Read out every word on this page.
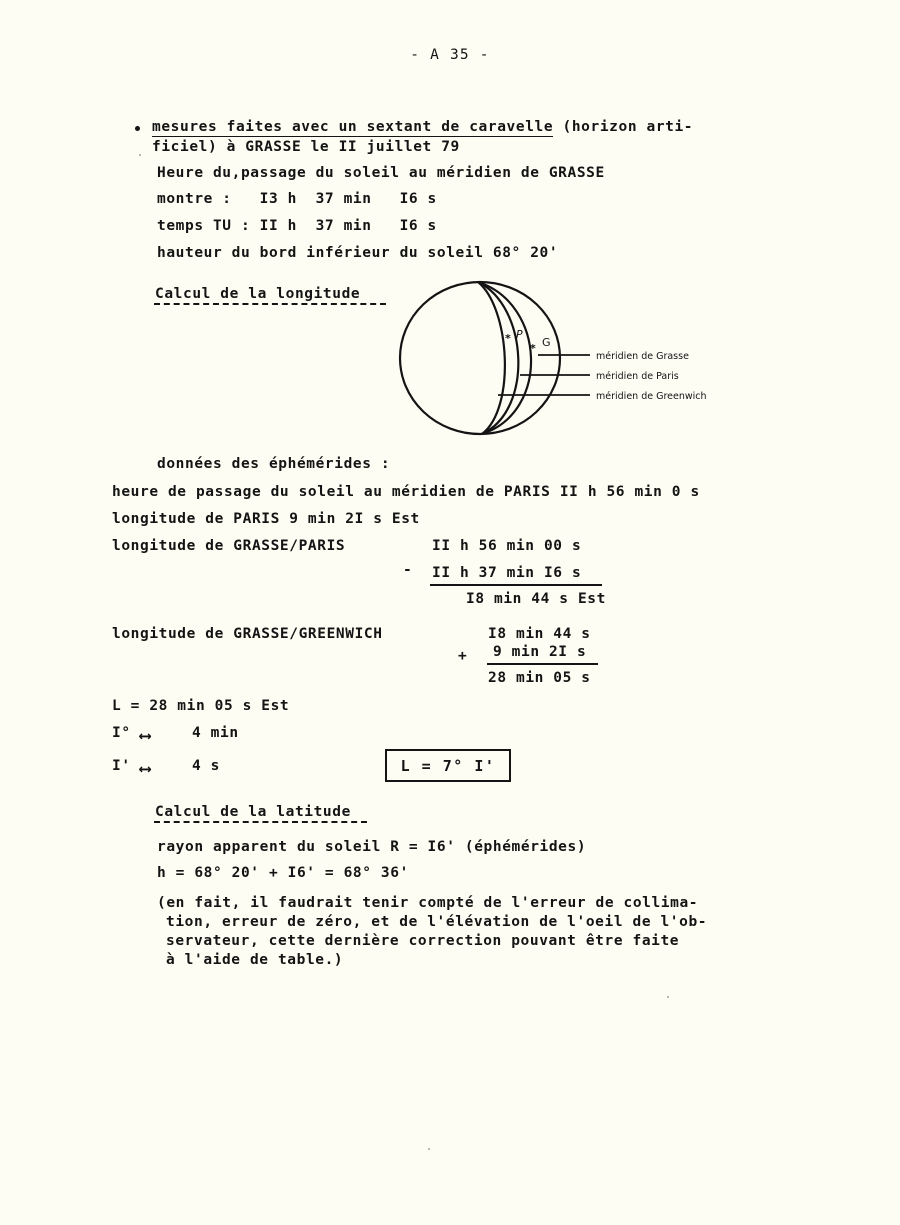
- A 35 -
mesures faites avec un sextant de caravelle (horizon arti-
ficiel) à GRASSE le II juillet 79
Heure du,passage du soleil au méridien de GRASSE
montre :   I3 h  37 min   I6 s
temps TU : II h  37 min   I6 s
hauteur du bord inférieur du soleil 68° 20'
Calcul de la longitude
* P
* G
méridien de Grasse
méridien de Paris
méridien de Greenwich
données des éphémérides :
heure de passage du soleil au méridien de PARIS II h 56 min 0 s
longitude de PARIS 9 min 2I s Est
longitude de GRASSE/PARIS	II h 56 min 00 s
- II h 37 min I6 s
I8 min 44 s Est
longitude de GRASSE/GREENWICH	I8 min 44 s
+ 9 min 2I s
28 min 05 s
L = 28 min 05 s Est
I° ⟷	4 min
I' ⟷	4 s	L = 7° I'
Calcul de la latitude
rayon apparent du soleil R = I6' (éphémérides)
h = 68° 20' + I6' = 68° 36'
(en fait, il faudrait tenir compté de l'erreur de collima-
tion, erreur de zéro, et de l'élévation de l'oeil de l'ob-
servateur, cette dernière correction pouvant être faite
à l'aide de table.)
